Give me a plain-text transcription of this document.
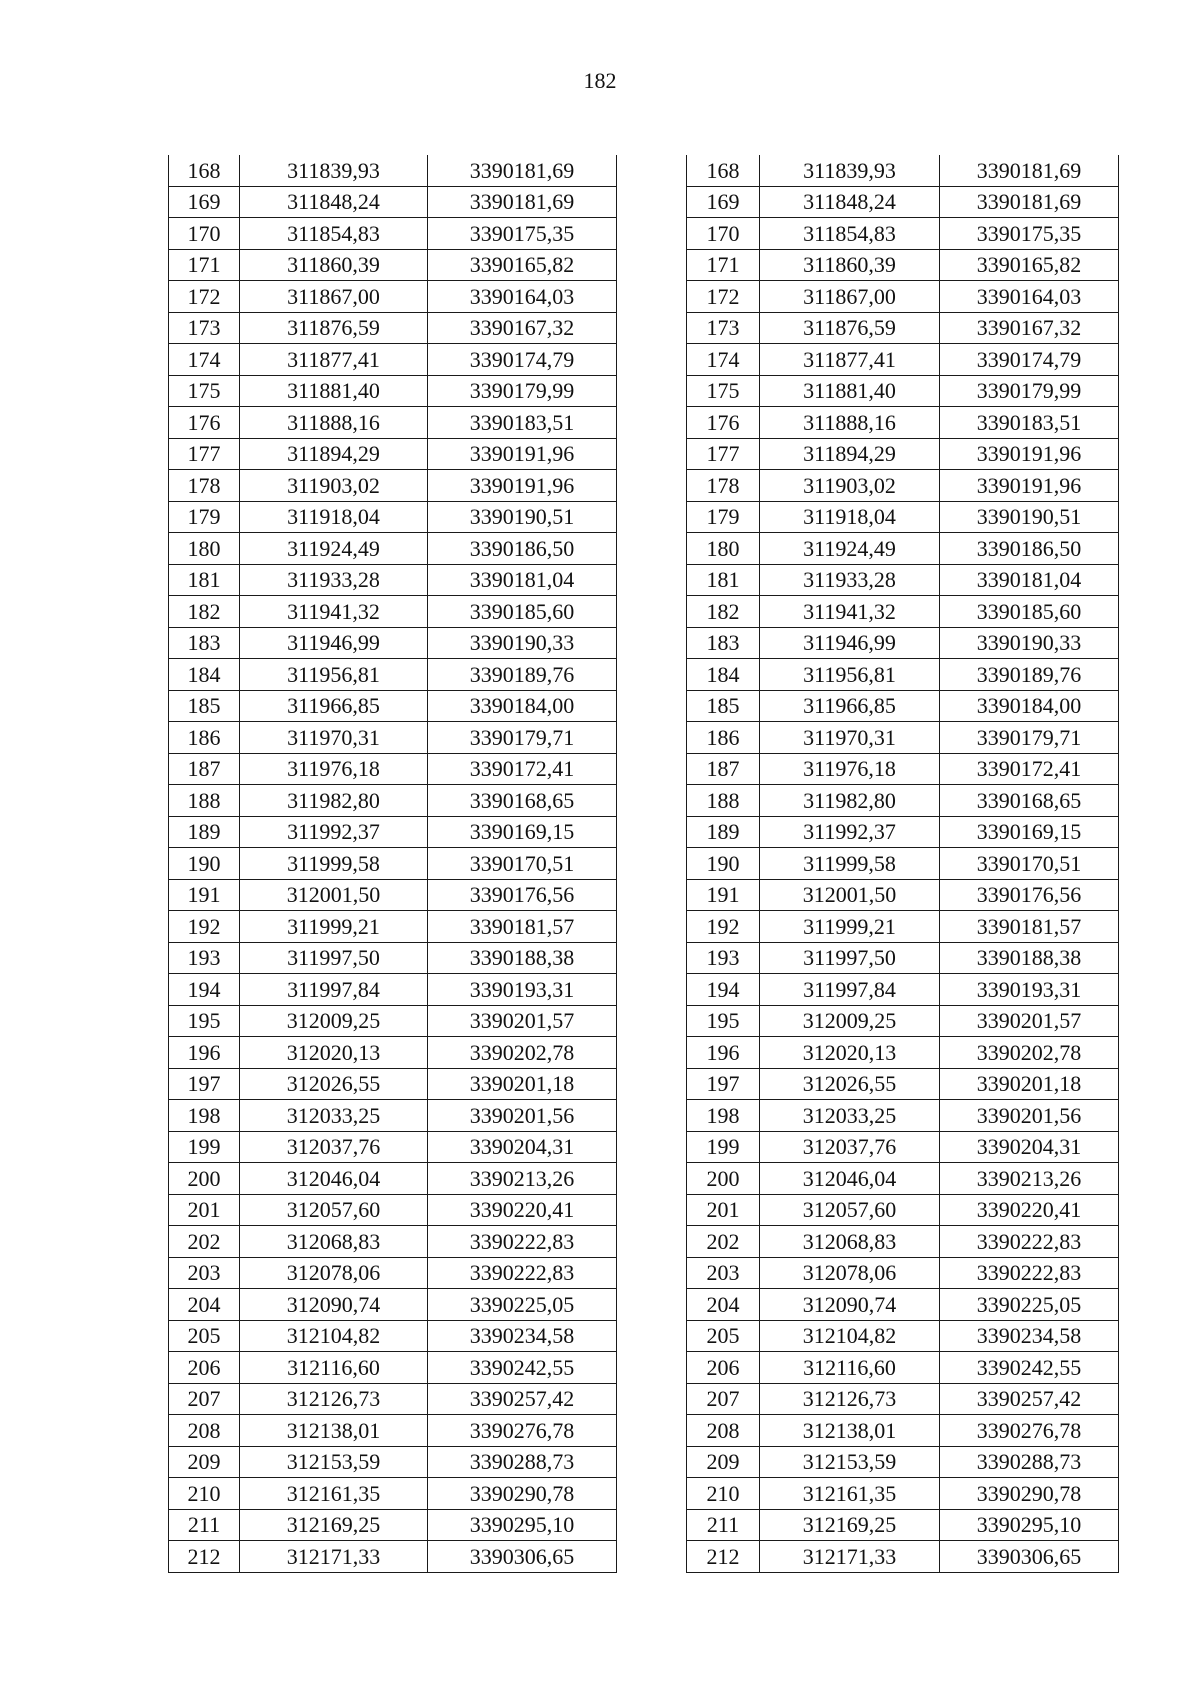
182
168	311839,93	3390181,69
169	311848,24	3390181,69
170	311854,83	3390175,35
171	311860,39	3390165,82
172	311867,00	3390164,03
173	311876,59	3390167,32
174	311877,41	3390174,79
175	311881,40	3390179,99
176	311888,16	3390183,51
177	311894,29	3390191,96
178	311903,02	3390191,96
179	311918,04	3390190,51
180	311924,49	3390186,50
181	311933,28	3390181,04
182	311941,32	3390185,60
183	311946,99	3390190,33
184	311956,81	3390189,76
185	311966,85	3390184,00
186	311970,31	3390179,71
187	311976,18	3390172,41
188	311982,80	3390168,65
189	311992,37	3390169,15
190	311999,58	3390170,51
191	312001,50	3390176,56
192	311999,21	3390181,57
193	311997,50	3390188,38
194	311997,84	3390193,31
195	312009,25	3390201,57
196	312020,13	3390202,78
197	312026,55	3390201,18
198	312033,25	3390201,56
199	312037,76	3390204,31
200	312046,04	3390213,26
201	312057,60	3390220,41
202	312068,83	3390222,83
203	312078,06	3390222,83
204	312090,74	3390225,05
205	312104,82	3390234,58
206	312116,60	3390242,55
207	312126,73	3390257,42
208	312138,01	3390276,78
209	312153,59	3390288,73
210	312161,35	3390290,78
211	312169,25	3390295,10
212	312171,33	3390306,65
168	311839,93	3390181,69
169	311848,24	3390181,69
170	311854,83	3390175,35
171	311860,39	3390165,82
172	311867,00	3390164,03
173	311876,59	3390167,32
174	311877,41	3390174,79
175	311881,40	3390179,99
176	311888,16	3390183,51
177	311894,29	3390191,96
178	311903,02	3390191,96
179	311918,04	3390190,51
180	311924,49	3390186,50
181	311933,28	3390181,04
182	311941,32	3390185,60
183	311946,99	3390190,33
184	311956,81	3390189,76
185	311966,85	3390184,00
186	311970,31	3390179,71
187	311976,18	3390172,41
188	311982,80	3390168,65
189	311992,37	3390169,15
190	311999,58	3390170,51
191	312001,50	3390176,56
192	311999,21	3390181,57
193	311997,50	3390188,38
194	311997,84	3390193,31
195	312009,25	3390201,57
196	312020,13	3390202,78
197	312026,55	3390201,18
198	312033,25	3390201,56
199	312037,76	3390204,31
200	312046,04	3390213,26
201	312057,60	3390220,41
202	312068,83	3390222,83
203	312078,06	3390222,83
204	312090,74	3390225,05
205	312104,82	3390234,58
206	312116,60	3390242,55
207	312126,73	3390257,42
208	312138,01	3390276,78
209	312153,59	3390288,73
210	312161,35	3390290,78
211	312169,25	3390295,10
212	312171,33	3390306,65
